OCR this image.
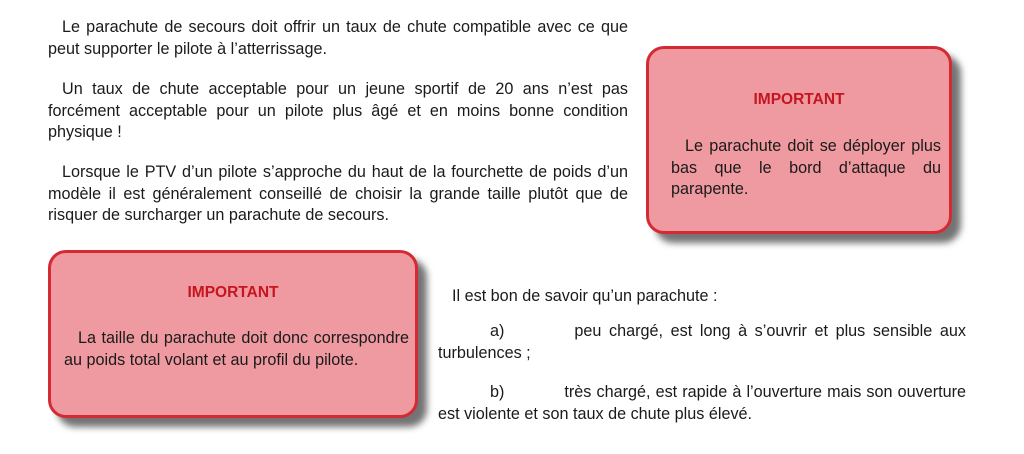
Le parachute de secours doit offrir un taux de chute compatible avec ce que peut supporter le pilote à l’atterrissage.

Un taux de chute acceptable pour un jeune sportif de 20 ans n’est pas forcément acceptable pour un pilote plus âgé et en moins bonne condition physique !

Lorsque le PTV d’un pilote s’approche du haut de la fourchette de poids d’un modèle il est généralement conseillé de choisir la grande taille plutôt que de risquer de surcharger un parachute de secours.

IMPORTANT
Le parachute doit se déployer plus bas que le bord d’attaque du parapente.
IMPORTANT
La taille du parachute doit donc correspondre au poids total volant et au profil du pilote.

Il est bon de savoir qu’un parachute :

a)	peu chargé, est long à s’ouvrir et plus sensible aux turbulences ;

b)	très chargé, est rapide à l’ouverture mais son ouverture est violente et son taux de chute plus élevé.
